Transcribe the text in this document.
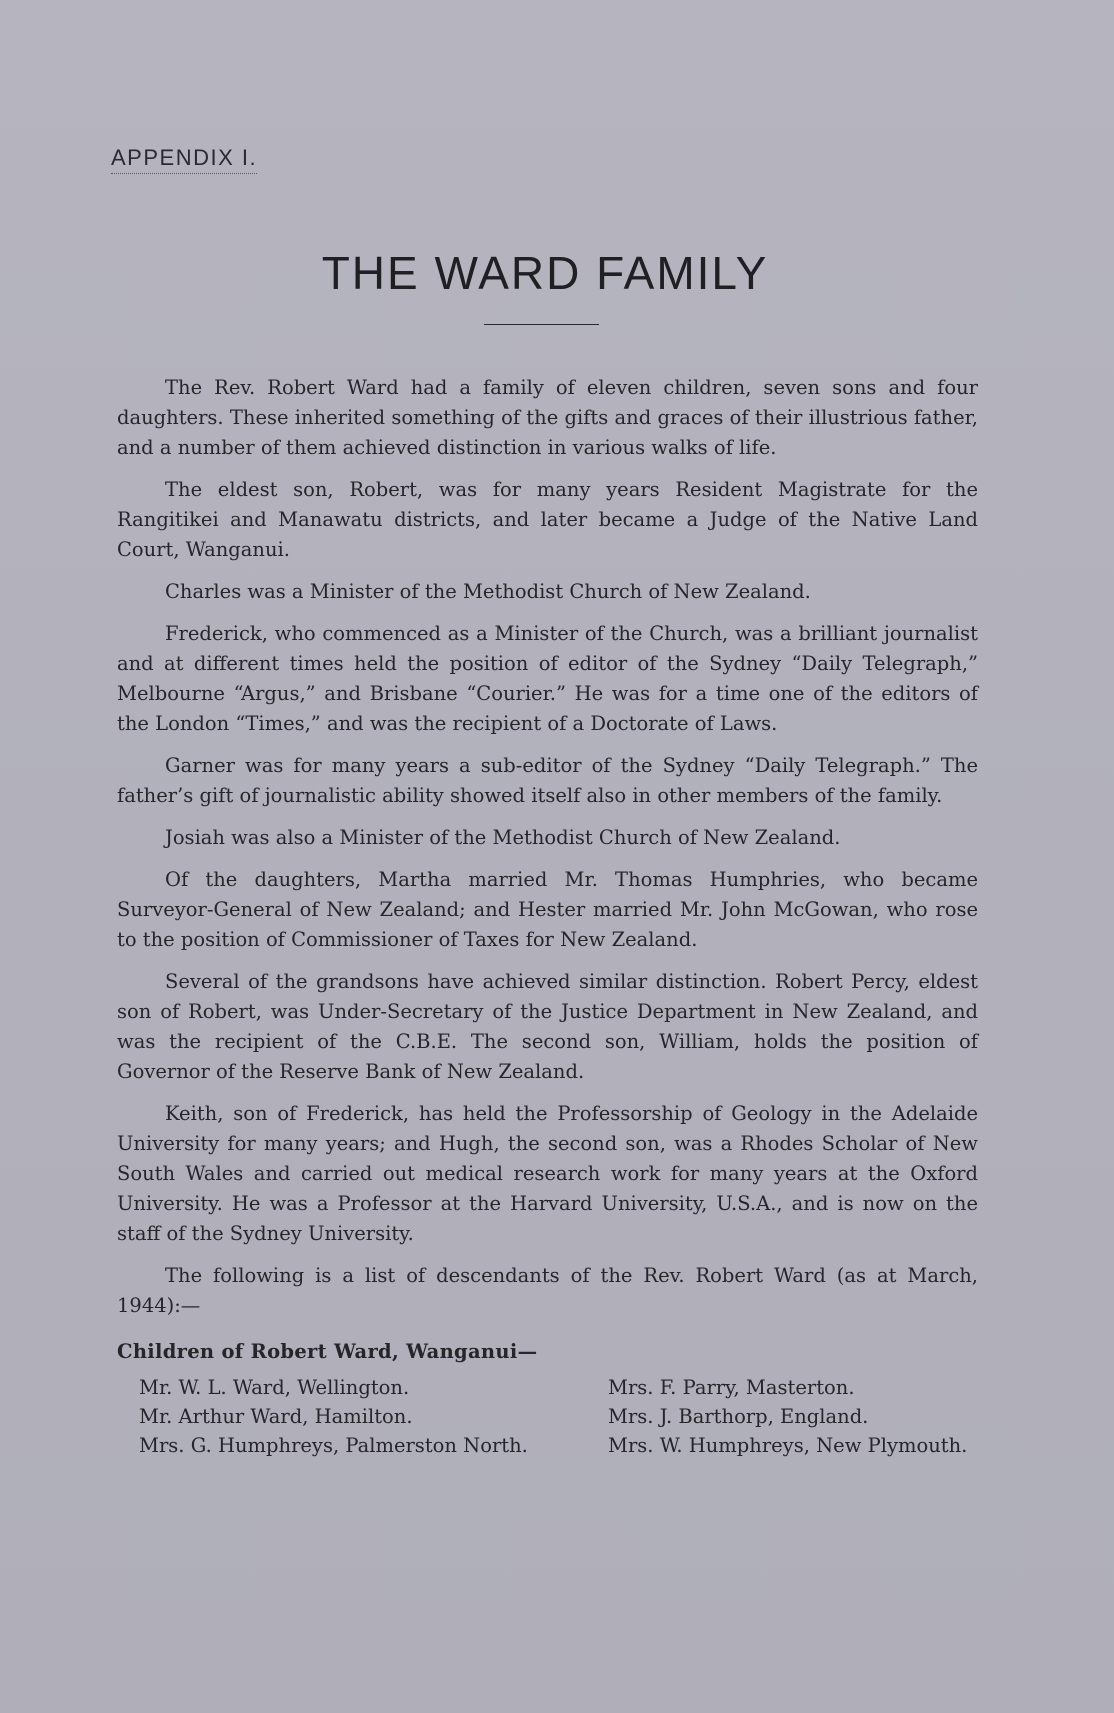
APPENDIX I.
THE WARD FAMILY

The Rev. Robert Ward had a family of eleven children, seven sons and four daughters. These inherited something of the gifts and graces of their illustrious father, and a number of them achieved distinction in various walks of life.

The eldest son, Robert, was for many years Resident Magistrate for the Rangitikei and Manawatu districts, and later became a Judge of the Native Land Court, Wanganui.

Charles was a Minister of the Methodist Church of New Zealand.

Frederick, who commenced as a Minister of the Church, was a brilliant journalist and at different times held the position of editor of the Sydney “Daily Telegraph,” Melbourne “Argus,” and Brisbane “Courier.” He was for a time one of the editors of the London “Times,” and was the recipient of a Doctorate of Laws.

Garner was for many years a sub-editor of the Sydney “Daily Telegraph.” The father’s gift of journalistic ability showed itself also in other members of the family.

Josiah was also a Minister of the Methodist Church of New Zealand.

Of the daughters, Martha married Mr. Thomas Humphries, who became Surveyor-General of New Zealand; and Hester married Mr. John McGowan, who rose to the position of Commissioner of Taxes for New Zealand.

Several of the grandsons have achieved similar distinction. Robert Percy, eldest son of Robert, was Under-Secretary of the Justice Department in New Zealand, and was the recipient of the C.B.E. The second son, William, holds the position of Governor of the Reserve Bank of New Zealand.

Keith, son of Frederick, has held the Professorship of Geology in the Adelaide University for many years; and Hugh, the second son, was a Rhodes Scholar of New South Wales and carried out medical research work for many years at the Oxford University. He was a Professor at the Harvard University, U.S.A., and is now on the staff of the Sydney University.

The following is a list of descendants of the Rev. Robert Ward (as at March, 1944):—

Children of Robert Ward, Wanganui—
Mr. W. L. Ward, Wellington.
Mr. Arthur Ward, Hamilton.
Mrs. G. Humphreys, Palmerston North.
Mrs. F. Parry, Masterton.
Mrs. J. Barthorp, England.
Mrs. W. Humphreys, New Plymouth.
